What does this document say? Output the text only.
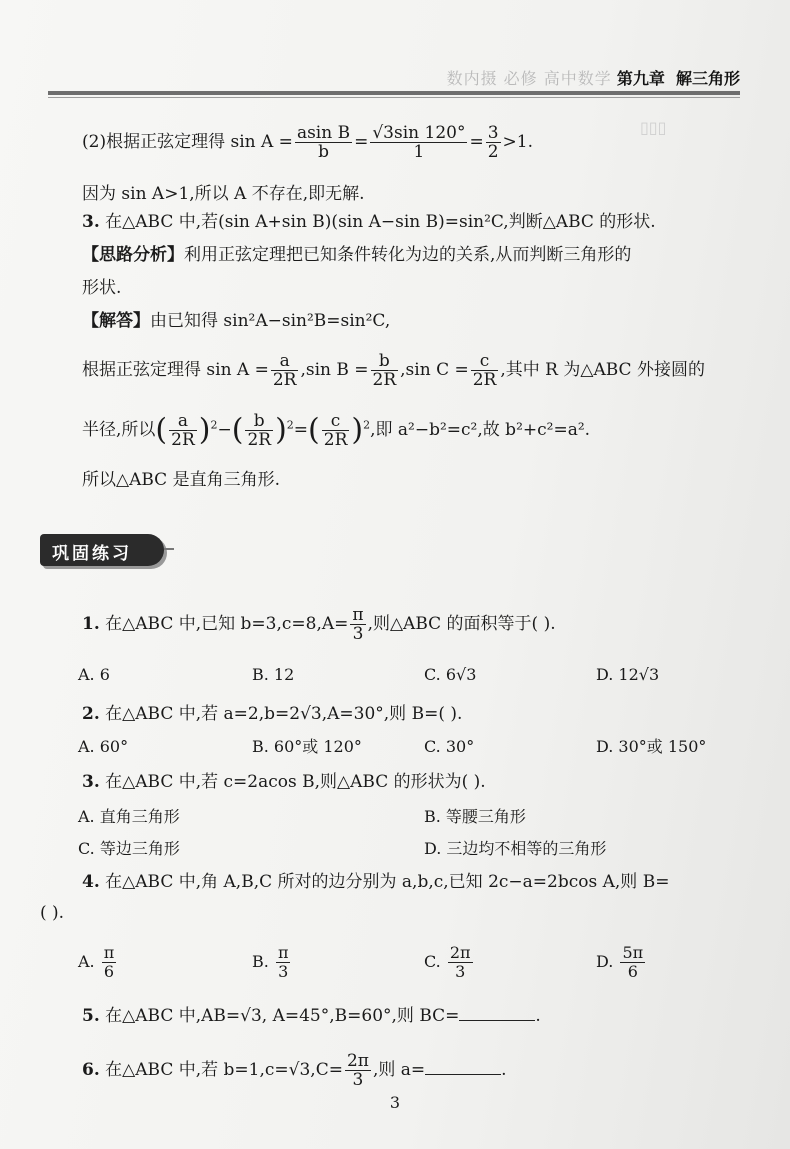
数内摄 必修 高中数学 第九章 解三角形
▯▯▯
(2)根据正弦定理得 $\sin A = \frac{\text{asin B}}{b} = \frac{√3\sin 120^\circ}{1} = \frac{3}{2} >1$.
因为 sin A>1,所以 A 不存在,即无解.
3. 在△ABC 中,若(sin A+sin B)(sin A−sin B)=sin²C,判断△ABC 的形状.
【思路分析】利用正弦定理把已知条件转化为边的关系,从而判断三角形的
形状.
【解答】由已知得 sin²A−sin²B=sin²C,
根据正弦定理得 $\sin A = \frac{a}{2R} ,\sin$ $B = \frac{b}{2R} ,\sin$ $C = \frac{c}{2R}$ ,其中 R 为△ABC 外接圆的
半径,所以( $\frac{a}{2R} )^2-( \frac{b}{2R} )^2=( \frac{c}{2R} )^2$,即 a²−b²=c²,故 b²+c²=a².
所以△ABC 是直角三角形.
巩固练习
1. 在△ABC 中,已知 $b=3,c=8,A= \frac{\pi}{3}$ ,则△ABC 的面积等于( ).
A. 6	B. 12	C. 6√3	D. 12√3
2. 在△ABC 中,若 a=2,b=2√3,A=30°,则 B=( ).
A. 60°	B. 60°或 120°	C. 30°	D. 30°或 150°
3. 在△ABC 中,若 c=2acos B,则△ABC 的形状为( ).
A. 直角三角形	B. 等腰三角形
C. 等边三角形	D. 三边均不相等的三角形
4. 在△ABC 中,角 A,B,C 所对的边分别为 a,b,c,已知 2c−a=2bcos A,则 B=
( ).
A. $\frac{\pi}{6}$	B. $\frac{\pi}{3}$	C. $\frac{2\pi}{3}$	D. $\frac{5\pi}{6}$
5. 在△ABC 中,AB=√3, A=45°,B=60°,则 BC=	.
6. 在△ABC 中,若 $b=1,c=√3,C= \frac{2\pi}{3}$ ,则 a=	.
3
